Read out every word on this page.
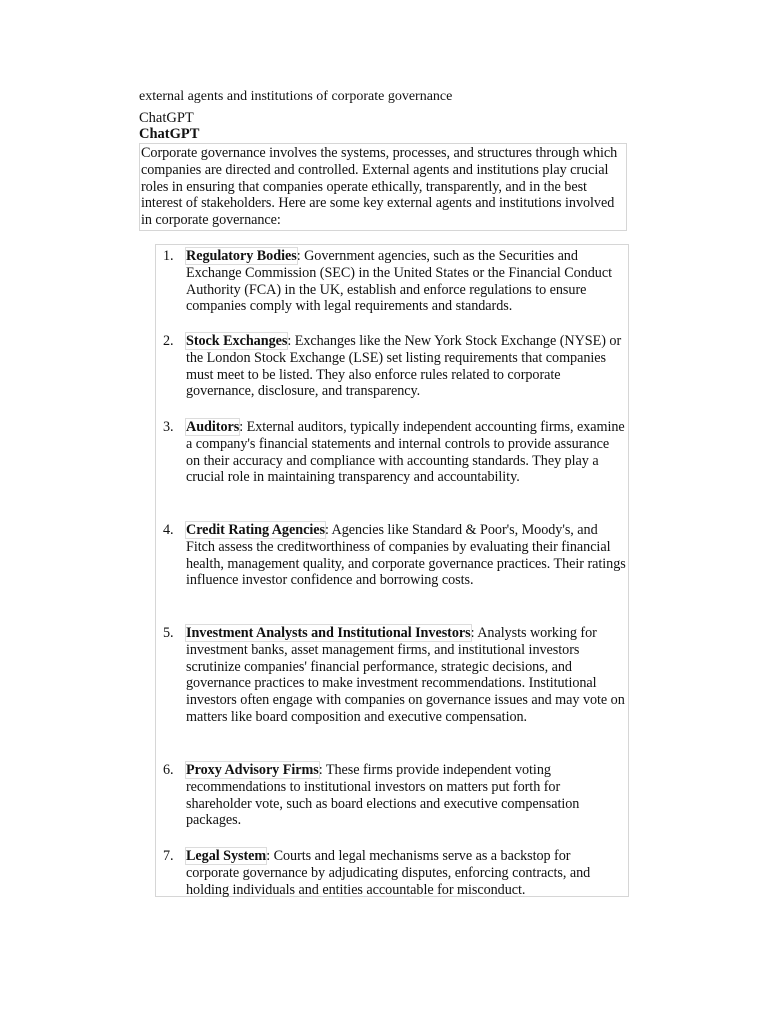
external agents and institutions of corporate governance
ChatGPT
ChatGPT
Corporate governance involves the systems, processes, and structures through which companies are directed and controlled. External agents and institutions play crucial roles in ensuring that companies operate ethically, transparently, and in the best interest of stakeholders. Here are some key external agents and institutions involved in corporate governance:
1. Regulatory Bodies: Government agencies, such as the Securities and Exchange Commission (SEC) in the United States or the Financial Conduct Authority (FCA) in the UK, establish and enforce regulations to ensure companies comply with legal requirements and standards.
2. Stock Exchanges: Exchanges like the New York Stock Exchange (NYSE) or the London Stock Exchange (LSE) set listing requirements that companies must meet to be listed. They also enforce rules related to corporate governance, disclosure, and transparency.
3. Auditors: External auditors, typically independent accounting firms, examine a company's financial statements and internal controls to provide assurance on their accuracy and compliance with accounting standards. They play a crucial role in maintaining transparency and accountability.
4. Credit Rating Agencies: Agencies like Standard & Poor's, Moody's, and Fitch assess the creditworthiness of companies by evaluating their financial health, management quality, and corporate governance practices. Their ratings influence investor confidence and borrowing costs.
5. Investment Analysts and Institutional Investors: Analysts working for investment banks, asset management firms, and institutional investors scrutinize companies' financial performance, strategic decisions, and governance practices to make investment recommendations. Institutional investors often engage with companies on governance issues and may vote on matters like board composition and executive compensation.
6. Proxy Advisory Firms: These firms provide independent voting recommendations to institutional investors on matters put forth for shareholder vote, such as board elections and executive compensation packages.
7. Legal System: Courts and legal mechanisms serve as a backstop for corporate governance by adjudicating disputes, enforcing contracts, and holding individuals and entities accountable for misconduct.
